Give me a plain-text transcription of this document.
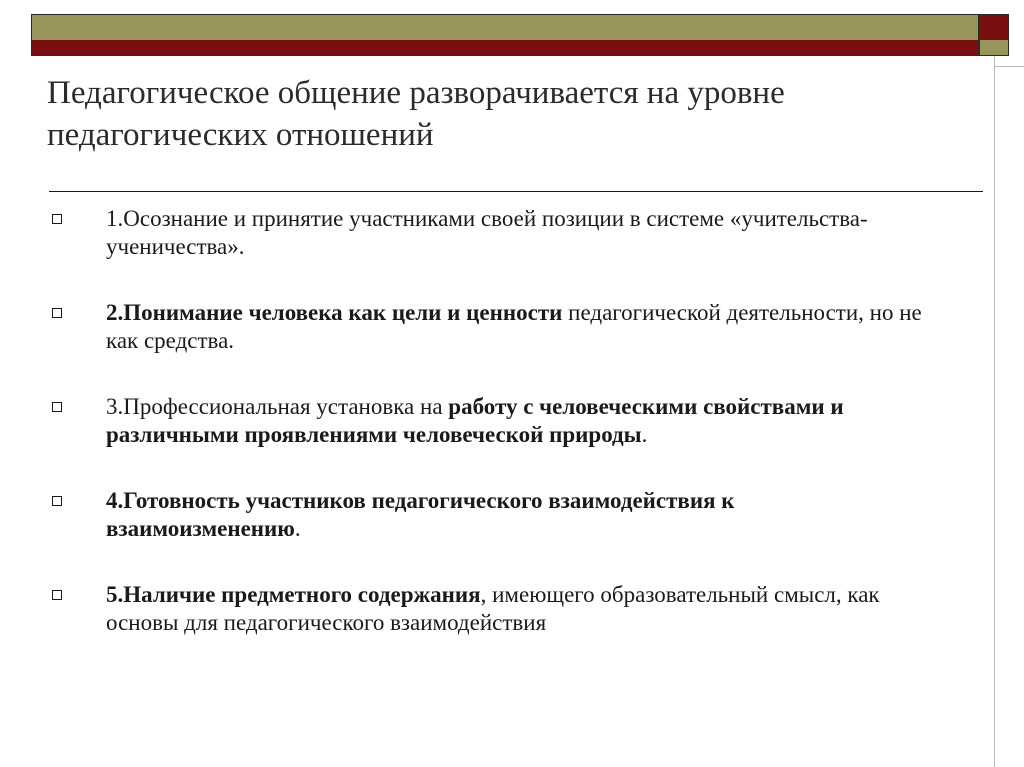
Педагогическое общение разворачивается на уровне педагогических отношений
1.Осознание и принятие участниками своей позиции в системе «учительства-ученичества».
2.Понимание человека как цели и ценности педагогической деятельности, но не как средства.
3.Профессиональная установка на работу с человеческими свойствами и различными проявлениями человеческой природы.
4.Готовность участников педагогического взаимодействия к взаимоизменению.
5.Наличие предметного содержания, имеющего образовательный смысл, как основы для педагогического взаимодействия
